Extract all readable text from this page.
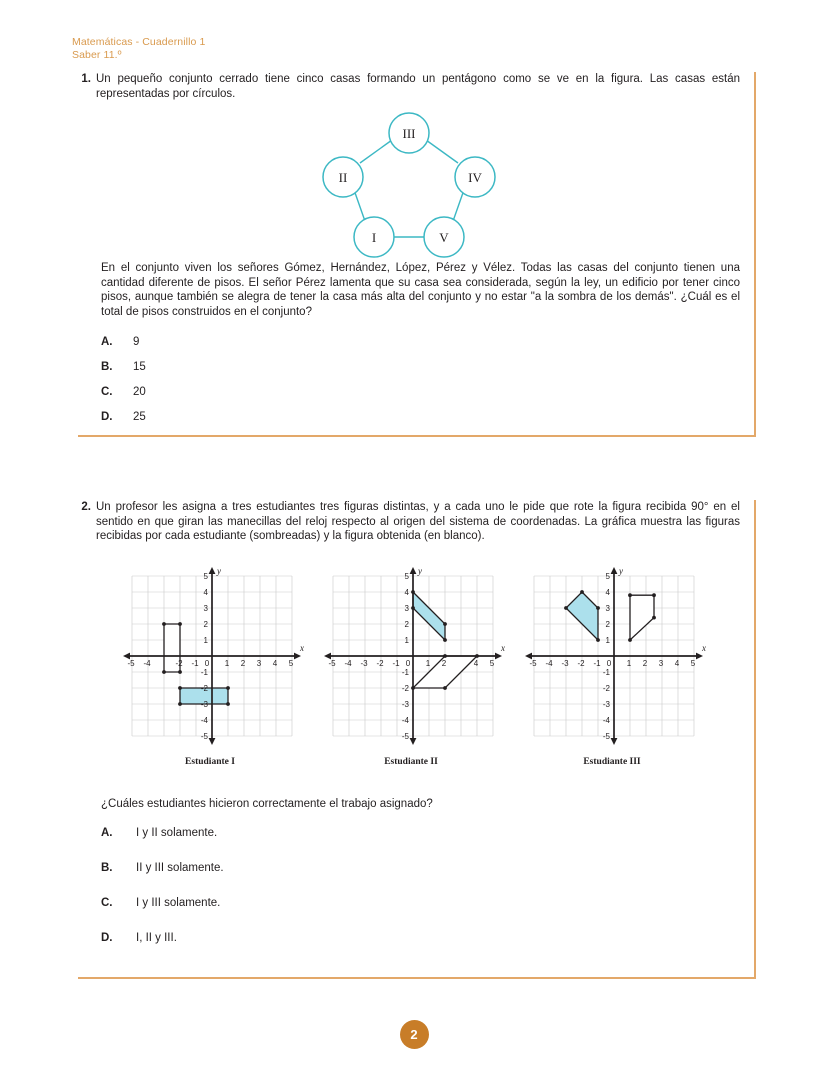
Matemáticas - Cuadernillo 1
Saber 11.º
1. Un pequeño conjunto cerrado tiene cinco casas formando un pentágono como se ve en la figura. Las casas están representadas por círculos.
III
II	IV
I	V
En el conjunto viven los señores Gómez, Hernández, López, Pérez y Vélez. Todas las casas del conjunto tienen una cantidad diferente de pisos. El señor Pérez lamenta que su casa sea considerada, según la ley, un edificio por tener cinco pisos, aunque también se alegra de tener la casa más alta del conjunto y no estar "a la sombra de los demás". ¿Cuál es el total de pisos construidos en el conjunto?
A.	9
B.	15
C.	20
D.	25
2. Un profesor les asigna a tres estudiantes tres figuras distintas, y a cada uno le pide que rote la figura recibida 90° en el sentido en que giran las manecillas del reloj respecto al origen del sistema de coordenadas. La gráfica muestra las figuras recibidas por cada estudiante (sombreadas) y la figura obtenida (en blanco).
-5 -4	-2 -1 0 1 2 3 4 5
-5
-4
-3
-2
-1
1
2
3
4
5
x
y
Estudiante I
-5 -4 -3 -2 -1 0 1 2	4 5
-5
-4
-3
-2
-1
1
2
3
4
5
x
y
Estudiante II
-5 -4 -3 -2 -1 0 1 2 3 4 5
-5
-4
-3
-2
-1
1
2
3
4
5
x
y
Estudiante III
¿Cuáles estudiantes hicieron correctamente el trabajo asignado?
A.	I y II solamente.
B.	II y III solamente.
C.	I y III solamente.
D.	I, II y III.
2
